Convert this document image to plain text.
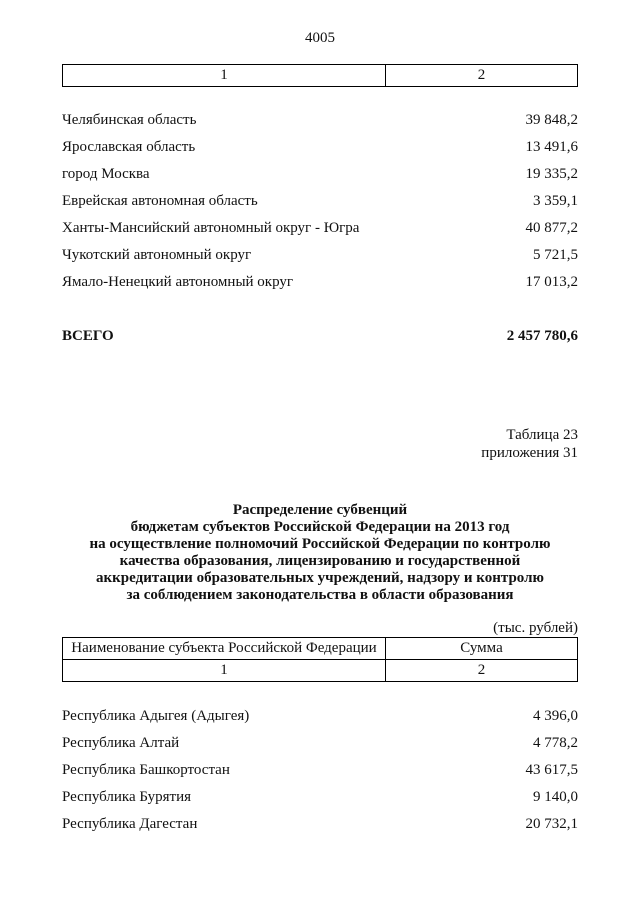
4005
1	2
Челябинская область	39 848,2
Ярославская область	13 491,6
город Москва	19 335,2
Еврейская автономная область	3 359,1
Ханты-Мансийский автономный округ - Югра	40 877,2
Чукотский автономный округ	5 721,5
Ямало-Ненецкий автономный округ	17 013,2
ВСЕГО	2 457 780,6
Таблица 23
приложения 31
Распределение субвенций
бюджетам субъектов Российской Федерации на 2013 год
на осуществление полномочий Российской Федерации по контролю
качества образования, лицензированию и государственной
аккредитации образовательных учреждений, надзору и контролю
за соблюдением законодательства в области образования
(тыс. рублей)
Наименование субъекта Российской Федерации	Сумма
1	2
Республика Адыгея (Адыгея)	4 396,0
Республика Алтай	4 778,2
Республика Башкортостан	43 617,5
Республика Бурятия	9 140,0
Республика Дагестан	20 732,1
